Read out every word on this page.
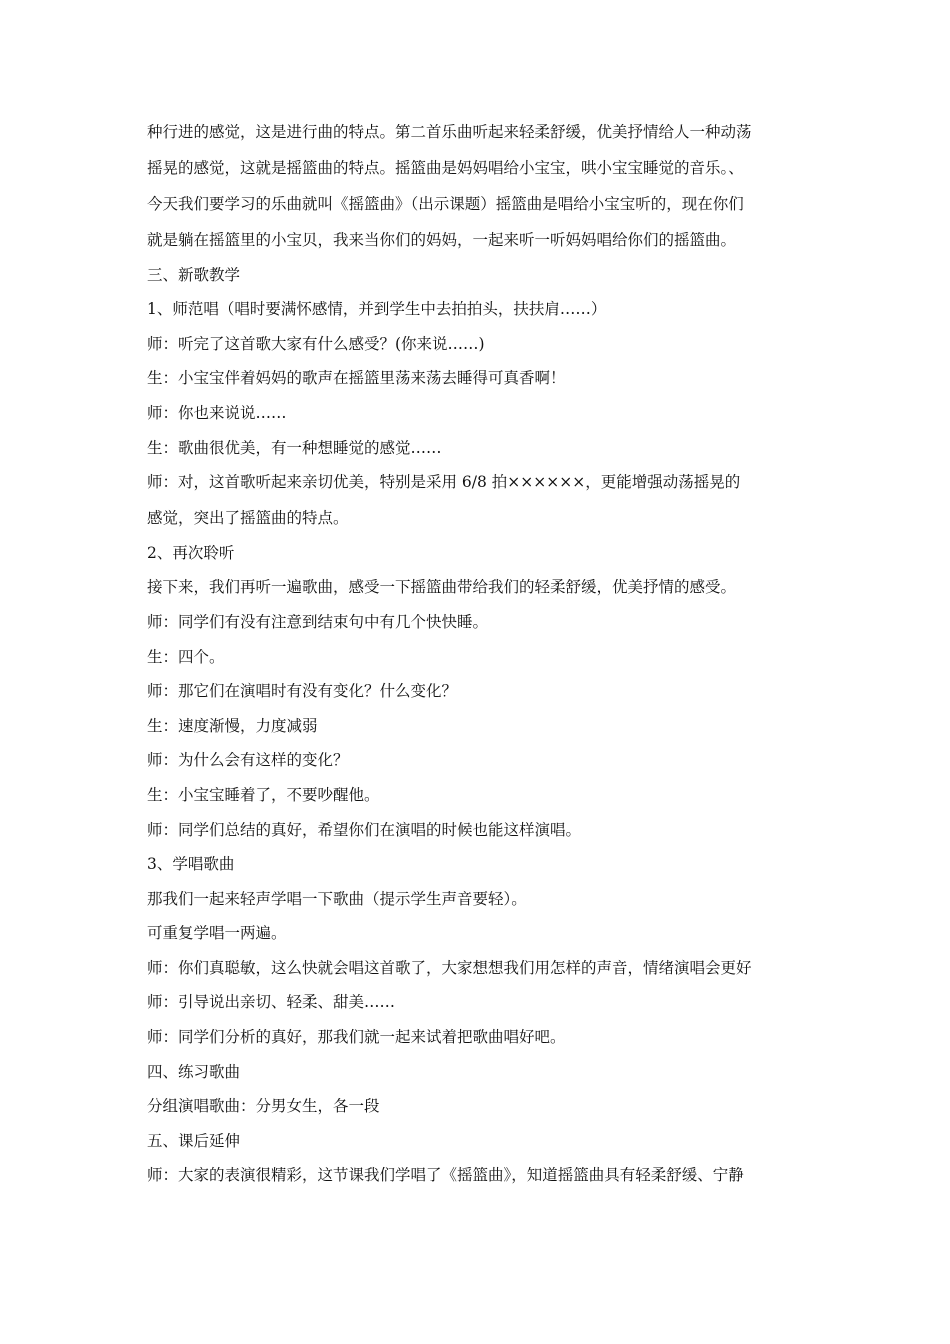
种行进的感觉，这是进行曲的特点。第二首乐曲听起来轻柔舒缓，优美抒情给人一种动荡

摇晃的感觉，这就是摇篮曲的特点。摇篮曲是妈妈唱给小宝宝，哄小宝宝睡觉的音乐。、

今天我们要学习的乐曲就叫《摇篮曲》（出示课题）摇篮曲是唱给小宝宝听的，现在你们

就是躺在摇篮里的小宝贝，我来当你们的妈妈，一起来听一听妈妈唱给你们的摇篮曲。

三、新歌教学

1、师范唱（唱时要满怀感情，并到学生中去拍拍头，扶扶肩……）

师：听完了这首歌大家有什么感受？(你来说……)

生：小宝宝伴着妈妈的歌声在摇篮里荡来荡去睡得可真香啊！

师：你也来说说……

生：歌曲很优美，有一种想睡觉的感觉……

师：对，这首歌听起来亲切优美，特别是采用 6/8 拍××××××，更能增强动荡摇晃的

感觉，突出了摇篮曲的特点。

2、再次聆听

接下来，我们再听一遍歌曲，感受一下摇篮曲带给我们的轻柔舒缓，优美抒情的感受。

师：同学们有没有注意到结束句中有几个快快睡。

生：四个。

师：那它们在演唱时有没有变化？什么变化？

生：速度渐慢，力度减弱

师：为什么会有这样的变化？

生：小宝宝睡着了，不要吵醒他。

师：同学们总结的真好，希望你们在演唱的时候也能这样演唱。

3、学唱歌曲

那我们一起来轻声学唱一下歌曲（提示学生声音要轻）。

可重复学唱一两遍。

师：你们真聪敏，这么快就会唱这首歌了，大家想想我们用怎样的声音，情绪演唱会更好

师：引导说出亲切、轻柔、甜美……

师：同学们分析的真好，那我们就一起来试着把歌曲唱好吧。

四、练习歌曲

分组演唱歌曲：分男女生，各一段

五、课后延伸

师：大家的表演很精彩，这节课我们学唱了《摇篮曲》，知道摇篮曲具有轻柔舒缓、宁静
